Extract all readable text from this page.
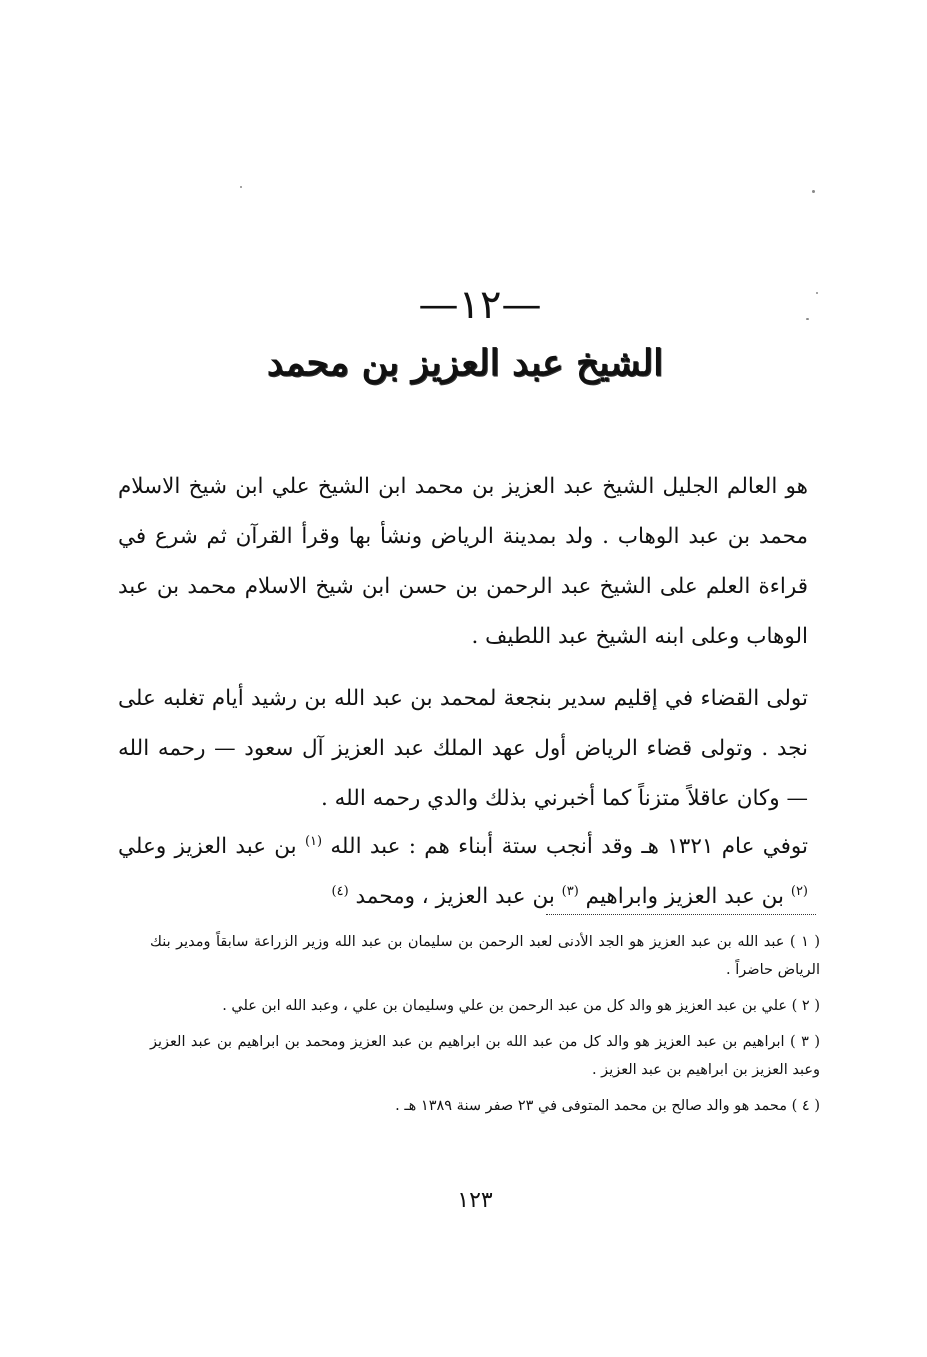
—١٢—
الشيخ عبد العزيز بن محمد

هو العالم الجليل الشيخ عبد العزيز بن محمد ابن الشيخ علي ابن شيخ الاسلام محمد بن عبد الوهاب . ولد بمدينة الرياض ونشأ بها وقرأ القرآن ثم شرع في قراءة العلم على الشيخ عبد الرحمن بن حسن ابن شيخ الاسلام محمد بن عبد الوهاب وعلى ابنه الشيخ عبد اللطيف .

تولى القضاء في إقليم سدير بنجعة لمحمد بن عبد الله بن رشيد أيام تغلبه على نجد . وتولى قضاء الرياض أول عهد الملك عبد العزيز آل سعود — رحمه الله — وكان عاقلاً متزناً كما أخبرني بذلك والدي رحمه الله .

توفي عام ١٣٢١ هـ وقد أنجب ستة أبناء هم : عبد الله $^{(١)}$ بن عبد العزيز وعلي $^{(٢)}$ بن عبد العزيز وابراهيم $^{(٣)}$ بن عبد العزيز ، ومحمد $^{(٤)}$

( ١ ) عبد الله بن عبد العزيز هو الجد الأدنى لعبد الرحمن بن سليمان بن عبد الله وزير الزراعة سابقاً ومدير بنك الرياض حاضراً .

( ٢ ) علي بن عبد العزيز هو والد كل من عبد الرحمن بن علي وسليمان بن علي ، وعبد الله ابن علي .

( ٣ ) ابراهيم بن عبد العزيز هو والد كل من عبد الله بن ابراهيم بن عبد العزيز ومحمد بن ابراهيم بن عبد العزيز وعبد العزيز بن ابراهيم بن عبد العزيز .

( ٤ ) محمد هو والد صالح بن محمد المتوفى في ٢٣ صفر سنة ١٣٨٩ هـ .

١٢٣
